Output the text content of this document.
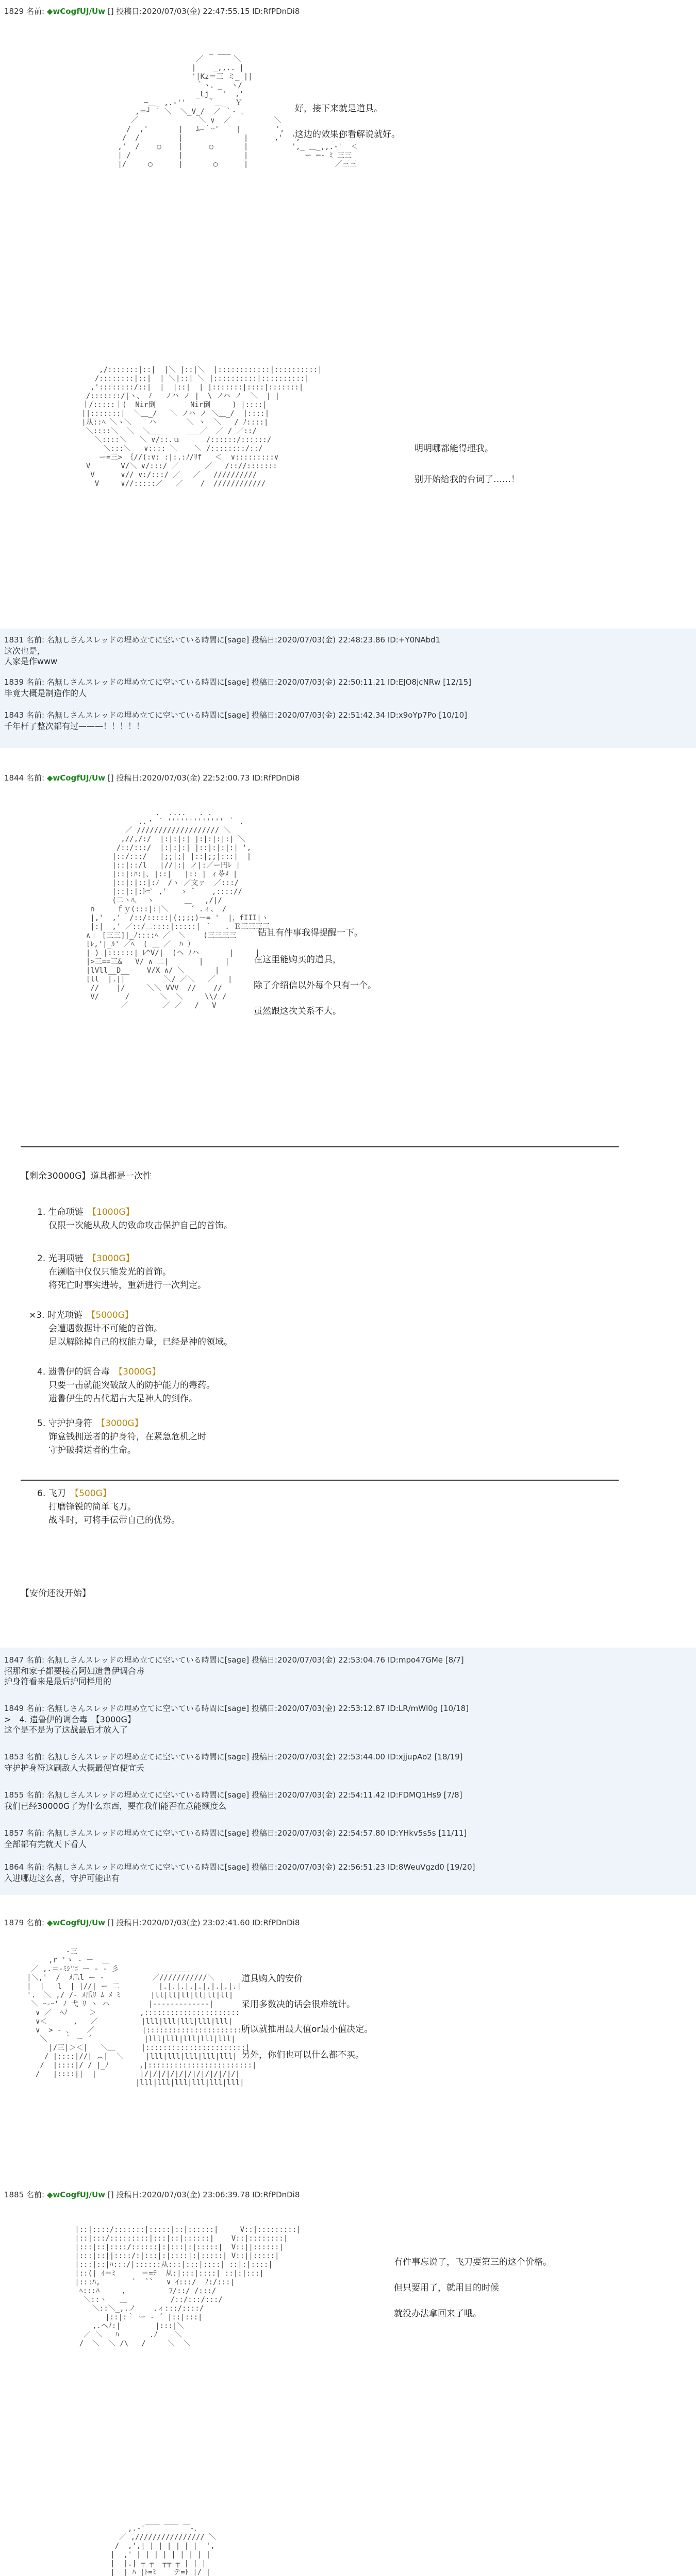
1829 名前: ◆wCogfUJ/Uw [] 投稿日:2020/07/03(金) 22:47:55.15 ID:RfPDnDi8
_ ___
／       ＼
|    _,,.. |
'|Kz＝三 ミ_ ||
｀ヽ、_  ヽ/
_Lj_  '  ,'
─＿_ ,.-''     ｀＿_  Ｙ
,＝┘ ´ ＼  ＼_V_/  ／ ｀‐ ､
／              ＼ ∨  ／          ＼
/  ,'       |   ﾑ―｀ｰ'    |        ',
/  /         |              |      ,'  ',       _ ─
,'  /    ○    |      ○       |          ',_ ＿_,,.-'  ＜
| /           |              |             ー ─‐ ﾐ 三三
|/     ○      |       ○      |                    ／三三

好，接下来就是道具。
这边的效果你看解说就好。
,/:::::::|::|  |＼ |::|＼  |::::::::::::|::::::::::|
/::::::::|::|  | ＼|::| ＼ |::::::::::|::::::::::|
,'::::::::/::|  |  |::|  | |:::::::|::::|:::::::|
/:::::::/|ヽ、 ﾉ   ノハ ノ |  \ ノハ ノ  ＼  | |
｜/:::::｜(  Nir倒        Nir倒     ) |::::|
||:::::::|  ＼＿_/   ＼ ノハ ノ ＼＿_/  |::::|
|从::ﾍ ＼ヽ＼    ハ       ＼ ヽ  ＼   / ﾉ::::|
＼::::＼  ＼  ＼＿＿     ＿＿／  ／ / ／::/
＼::::＼   ＼ ∨/::.ｕ      /::::::/::::::/
＼:::＼   ∨:::: ＼    ＼ /::::::::/::/
ー=三> ｛//(:∨: :|:.:ﾉ/ﾘf   ＜  ∨:::::::::∨
V       V/＼ ∨/:::/ ／      ／   /:://:::::::
V      ∨// ∨:/:::/ ／   ／   //////////
V     ∨//:::::／   ／    /  ////////////

明明哪都能得理我。
别开始给我的台词了……！
1831 名前: 名無しさんスレッドの埋め立てに空いている時間に[sage] 投稿日:2020/07/03(金) 22:48:23.86 ID:+Y0NAbd1
这次也是，
人家是作www
1839 名前: 名無しさんスレッドの埋め立てに空いている時間に[sage] 投稿日:2020/07/03(金) 22:50:11.21 ID:EJO8jcNRw [12/15]
毕竟大概是制造作的人
1843 名前: 名無しさんスレッドの埋め立てに空いている時間に[sage] 投稿日:2020/07/03(金) 22:51:42.34 ID:x9oYp7Po [10/10]
千年杆了整次都有过———！！！！！
1844 名前: ◆wCogfUJ/Uw [] 投稿日:2020/07/03(金) 22:52:00.73 ID:RfPDnDi8
.  ....   . .
..・ ´ ''''''''''''' ｀ .
／ /////////////////// ＼
,//,/:/  |:|:|:| |:|:|:|:| ＼
/::/:::/  |:|:|:| |::|:|:|:| ',
|::/:::/   |;;|;| |::|;;|:::|  |
|::|::/l   |//|:| ノ|:／ー円ﾚ |
|::|:ﾊ:|､ |::|   |:: | ィ苓ﾒ |
|::|:|::|:ﾉ  /ヽ ／文ァ  ／:::/
|::|:|:ﾄ=ﾟ ,'   ゝ ゛   ,:::://
(二ヽﾊ､  ヽ       ＿   ,/|/
∩     ｆｙ(:::|:|＼     ´ .ィ、 /
|,'  ,'  /::/:::::|(;;;;)ー= '  |，fIII|ヽ
|:|  ,' ／::/二::::|:::::| ｀   . Ｅ三三三三
∧｜ [三三]|_ﾉ::::ﾍ ／  ＼    (三三三三
[ﾚ,'|_ﾙ' ／ﾍ  ( ＿ ／  ﾊ ）
|_) |::::::| ﾚ^V/|  (ヘ_ﾉハ       |     |
|>三==三&   V/ ∧ 二|       |     |
|lVll__D__    V/X ∧/ ＼       |
[ll  |.||         ＼/ ／＼   ／   |
//    |/     ＼＼ VVV  //    //
V/      /       ＼  ＼     \\/ /
／        ／ ／   /   V

钻且有件事我得提醒一下。
在这里能购买的道具，
除了介绍信以外每个只有一个。
虽然跟这次关系不大。
【剩余30000G】道具都是一次性
1. 生命项链　 【1000G】
仅限一次能从敌人的致命攻击保护自己的首饰。
2. 光明项链　 【3000G】
在濒临中仅仅只能发光的首饰。
将死亡时事实进转，重新进行一次判定。
×3. 时光项链　 【5000G】
会遭遇数据计不可能的首饰。
足以解除掉自己的权能力量，已经是神的领域。
4. 遗鲁伊的调合毒　 【3000G】
只要一击就能突破敌人的防护能力的毒药。
遗鲁伊生的古代超古大是神人的到作。
5. 守护护身符　 【3000G】
饰盒钱拥送者的护身符，在紧急危机之时
守护破骑送者的生命。
6. 飞刀　 【500G】
打磨锋锐的简单飞刀。
战斗时，可将手伝带自己的优势。
【安价还没开始】
1847 名前: 名無しさんスレッドの埋め立てに空いている時間に[sage] 投稿日:2020/07/03(金) 22:53:04.76 ID:mpo47GMe [8/7]
招那和家子都要接着阿妇遗鲁伊调合毒
护身符看来是最后护同样用的
1849 名前: 名無しさんスレッドの埋め立てに空いている時間に[sage] 投稿日:2020/07/03(金) 22:53:12.87 ID:LR/mWl0g [10/18]
>　4. 遗鲁伊的调合毒　【3000G】
这个是不是为了这战最后才放入了
1853 名前: 名無しさんスレッドの埋め立てに空いている時間に[sage] 投稿日:2020/07/03(金) 22:53:44.00 ID:xjjupAo2 [18/19]
守护护身符这刷敌人大概最便宜便宜夭
1855 名前: 名無しさんスレッドの埋め立てに空いている時間に[sage] 投稿日:2020/07/03(金) 22:54:11.42 ID:FDMQ1Hs9 [7/8]
我们已经30000G了为什么东西，要在我们能否在意能额度么
1857 名前: 名無しさんスレッドの埋め立てに空いている時間に[sage] 投稿日:2020/07/03(金) 22:54:57.80 ID:YHkv5s5s [11/11]
全部都有完就天下看人
1864 名前: 名無しさんスレッドの埋め立てに空いている時間に[sage] 投稿日:2020/07/03(金) 22:56:51.23 ID:8WeuVgzd0 [19/20]
入进哪边这么喜，守护可能出有
1879 名前: ◆wCogfUJ/Uw [] 投稿日:2020/07/03(金) 23:02:41.60 ID:RfPDnDi8
‐三
,r 'ゝ ‐ －  ＿
／ ,.＝-ﾐｼ"ﾆ ー ‐ ‐ 彡          ＿＿＿＿
|＼,'  /  ﾒ爪l ー -           ／///////////＼
|  |   l  | |//| ー 二         |.|.|.|.|.|.|.|.|.|
'.  ＼ ,/ /‐ ﾒ爪ﾘ ﾑ ﾒ ﾐ       |ll|ll|ll|ll|ll|ll|
＼ ｰ‐ｰ' ﾉ 弋 ﾘ ヽ ハ         |‐‐‐‐‐‐‐‐‐‐‐‐‐|
∨ ／  ﾍﾉ     ＞          ,::::::::::::::::::::::
∨＜      ,   ／          |lll|lll|lll|lll|lll|
∨  > ‐ ､    ／           |:::::::::::::::::::::::|
＼    ｀ ー ´            |lll|lll|lll|lll|lll|
|/三|＞＜|   ＼＿      |:::::::::::::::::::::::|
/ |::::|//| ︵|  ＼     |lll|lll|lll|lll|lll|
/  |::::|/ / |_ﾉ       ,|::::::::::::::::::::::::|
/   |::::||  |          |/|/|/|/|/|/|/|/|/|/|/|
|lll|lll|lll|lll|lll|lll|

道具购入的安价
采用多数决的话会很难统计。
所以就推用最大值or最小值决定。
另外，你们也可以什么都不买。
1885 名前: ◆wCogfUJ/Uw [] 投稿日:2020/07/03(金) 23:06:39.78 ID:RfPDnDi8
|::|::::/:::::::|:::::|::|::::::|     V::|:::::::::|
|::|:::/:::::::::|:::|::|::::::|    V::|::::::::|
|:::|::|::::/::::::|:|:::|:|:::::|  V::||::::::|
|:::|::||::::/:|:::|:|::::|:|:::::| V::||:::::|
|:::|::|ﾊ:::/|::::::从:::|:::|::::| ::|:|::::|
|::(| ｲ＝ﾐ      ＝=ﾃ  从:|:::|::::| ::|:|:::|
|:::ﾊ,        ﾞ  ``   ∨ ｲ:::/  ﾉ:/:::|
ﾍ:::ﾊ     ,          ﾌ/::/ /:::/
＼::ヽ   ＿          /::/:::/:::/
＼::＼_,.ノ    .ィ:::/::::/
|::|:｀ ー ‐ ´ |::|:::|
,.ヘﾉ:|        |:::|＼
／ ＼   ﾊ       .ﾉ    ＼
/  ＼  ＼ /\   /     ＼  ＼

有件事忘说了，飞刀要第三的这个价格。
但只要用了，就用目的时候
就没办法拿回来了哦。
,.‐'￣￣ ￣￣ ￣‐､
／ ,//////////////// ＼
/  ,',| | | | | | |  ',
|  ,' | | | | | | | | |
|  |.| ┬ ┬  ┬┬ ┬ | | |
|  | ﾊ |ﾄ=ﾐ    テ=ﾄ |/ |
